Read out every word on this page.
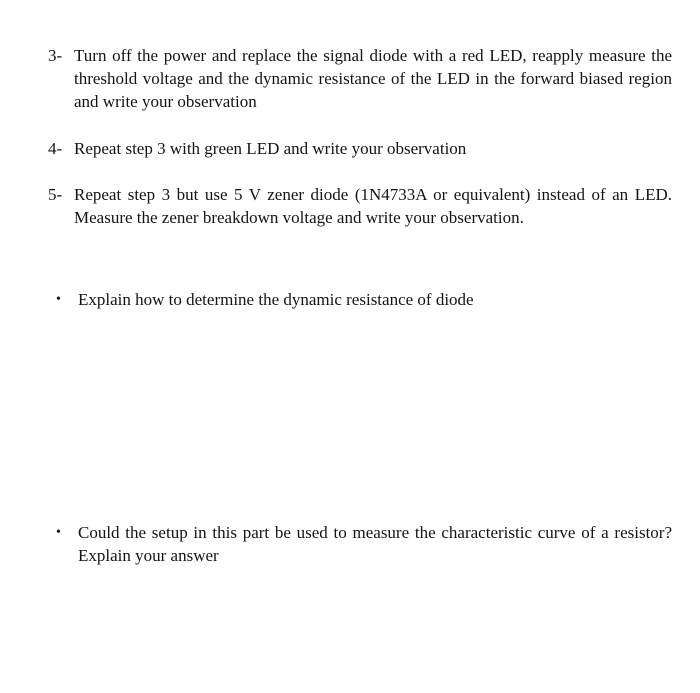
3- Turn off the power and replace the signal diode with a red LED, reapply measure the threshold voltage and the dynamic resistance of the LED in the forward biased region and write your observation
4- Repeat step 3 with green LED and write your observation
5- Repeat step 3 but use 5 V zener diode (1N4733A or equivalent) instead of an LED. Measure the zener breakdown voltage and write your observation.
•	Explain how to determine the dynamic resistance of diode
•	Could the setup in this part be used to measure the characteristic curve of a resistor? Explain your answer
